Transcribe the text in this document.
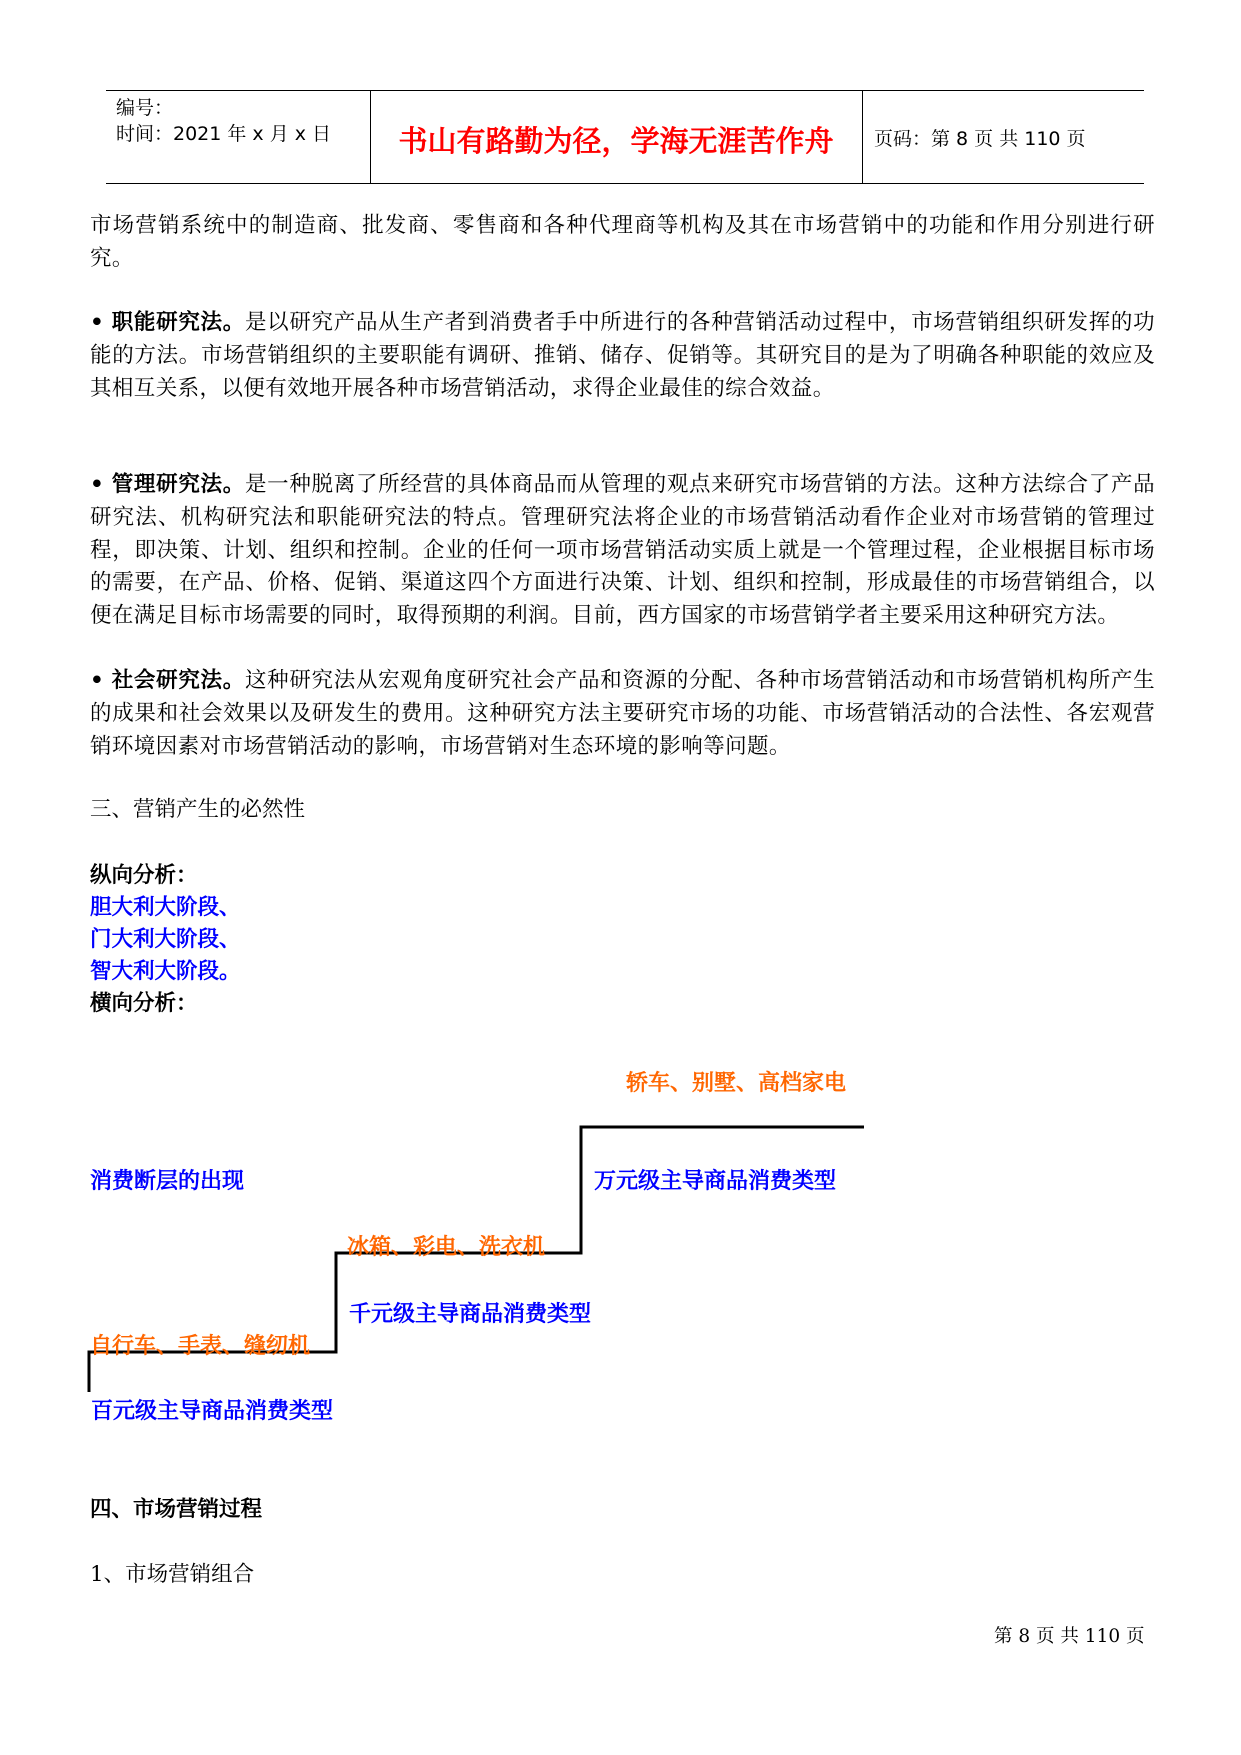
编号：
时间：2021 年 x 月 x 日	书山有路勤为径，学海无涯苦作舟	页码：第 8 页 共 110 页

市场营销系统中的制造商、批发商、零售商和各种代理商等机构及其在市场营销中的功能和作用分别进行研究。

• 职能研究法。是以研究产品从生产者到消费者手中所进行的各种营销活动过程中，市场营销组织研发挥的功能的方法。市场营销组织的主要职能有调研、推销、储存、促销等。其研究目的是为了明确各种职能的效应及其相互关系，以便有效地开展各种市场营销活动，求得企业最佳的综合效益。

• 管理研究法。是一种脱离了所经营的具体商品而从管理的观点来研究市场营销的方法。这种方法综合了产品研究法、机构研究法和职能研究法的特点。管理研究法将企业的市场营销活动看作企业对市场营销的管理过程，即决策、计划、组织和控制。企业的任何一项市场营销活动实质上就是一个管理过程，企业根据目标市场的需要，在产品、价格、促销、渠道这四个方面进行决策、计划、组织和控制，形成最佳的市场营销组合，以便在满足目标市场需要的同时，取得预期的利润。目前，西方国家的市场营销学者主要采用这种研究方法。

• 社会研究法。这种研究法从宏观角度研究社会产品和资源的分配、各种市场营销活动和市场营销机构所产生的成果和社会效果以及研发生的费用。这种研究方法主要研究市场的功能、市场营销活动的合法性、各宏观营销环境因素对市场营销活动的影响，市场营销对生态环境的影响等问题。

三、营销产生的必然性

纵向分析：

胆大利大阶段、

门大利大阶段、

智大利大阶段。

横向分析：

轿车、别墅、高档家电
万元级主导商品消费类型
消费断层的出现
冰箱、彩电、洗衣机
千元级主导商品消费类型
自行车、手表、缝纫机
百元级主导商品消费类型

四、市场营销过程

1、市场营销组合

第 8 页 共 110 页
